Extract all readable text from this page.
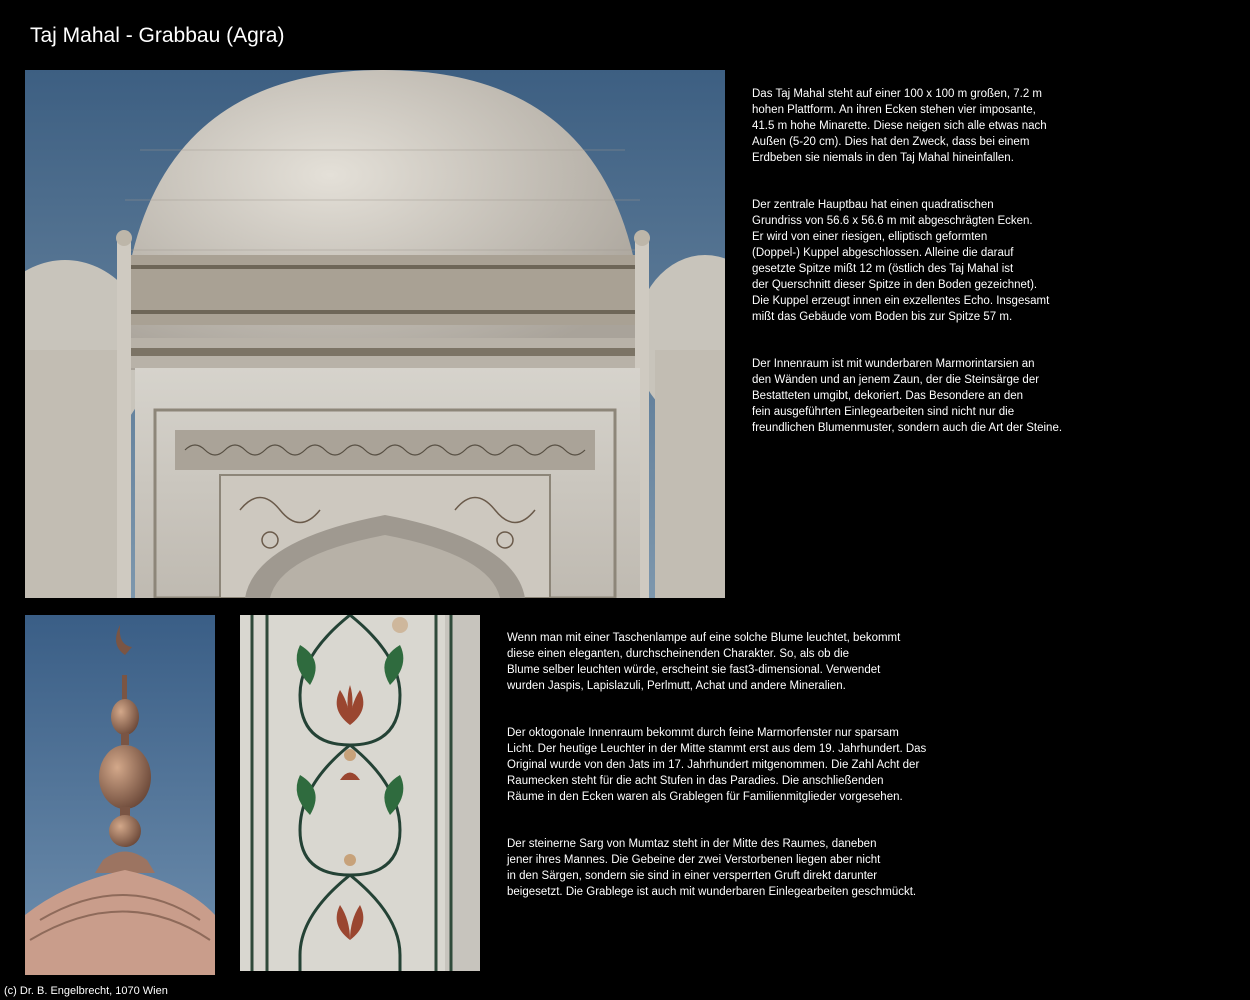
Taj Mahal - Grabbau (Agra)

Das Taj Mahal steht auf einer 100 x 100 m großen, 7.2 m
hohen Plattform. An ihren Ecken stehen vier imposante,
41.5 m hohe Minarette. Diese neigen sich alle etwas nach
Außen (5-20 cm). Dies hat den Zweck, dass bei einem
Erdbeben sie niemals in den Taj Mahal hineinfallen.

Der zentrale Hauptbau hat einen quadratischen
Grundriss von 56.6 x 56.6 m mit abgeschrägten Ecken.
Er wird von einer riesigen, elliptisch geformten
(Doppel-) Kuppel abgeschlossen. Alleine die darauf
gesetzte Spitze mißt 12 m (östlich des Taj Mahal ist
der Querschnitt dieser Spitze in den Boden gezeichnet).
Die Kuppel erzeugt innen ein exzellentes Echo. Insgesamt
mißt das Gebäude vom Boden bis zur Spitze 57 m.

Der Innenraum ist mit wunderbaren Marmorintarsien an
den Wänden und an jenem Zaun, der die Steinsärge der
Bestatteten umgibt, dekoriert. Das Besondere an den
fein ausgeführten Einlegearbeiten sind nicht nur die
freundlichen Blumenmuster, sondern auch die Art der Steine.

Wenn man mit einer Taschenlampe auf eine solche Blume leuchtet, bekommt
diese einen eleganten, durchscheinenden Charakter. So, als ob die
Blume selber leuchten würde, erscheint sie fast3-dimensional. Verwendet
wurden Jaspis, Lapislazuli, Perlmutt, Achat und andere Mineralien.

Der oktogonale Innenraum bekommt durch feine Marmorfenster nur sparsam
Licht. Der heutige Leuchter in der Mitte stammt erst aus dem 19. Jahrhundert. Das
Original wurde von den Jats im 17. Jahrhundert mitgenommen. Die Zahl Acht der
Raumecken steht für die acht Stufen in das Paradies. Die anschließenden
Räume in den Ecken waren als Grablegen für Familienmitglieder vorgesehen.

Der steinerne Sarg von Mumtaz steht in der Mitte des Raumes, daneben
jener ihres Mannes. Die Gebeine der zwei Verstorbenen liegen aber nicht
in den Särgen, sondern sie sind in einer versperrten Gruft direkt darunter
beigesetzt. Die Grablege ist auch mit wunderbaren Einlegearbeiten geschmückt.

(c) Dr. B. Engelbrecht, 1070 Wien
